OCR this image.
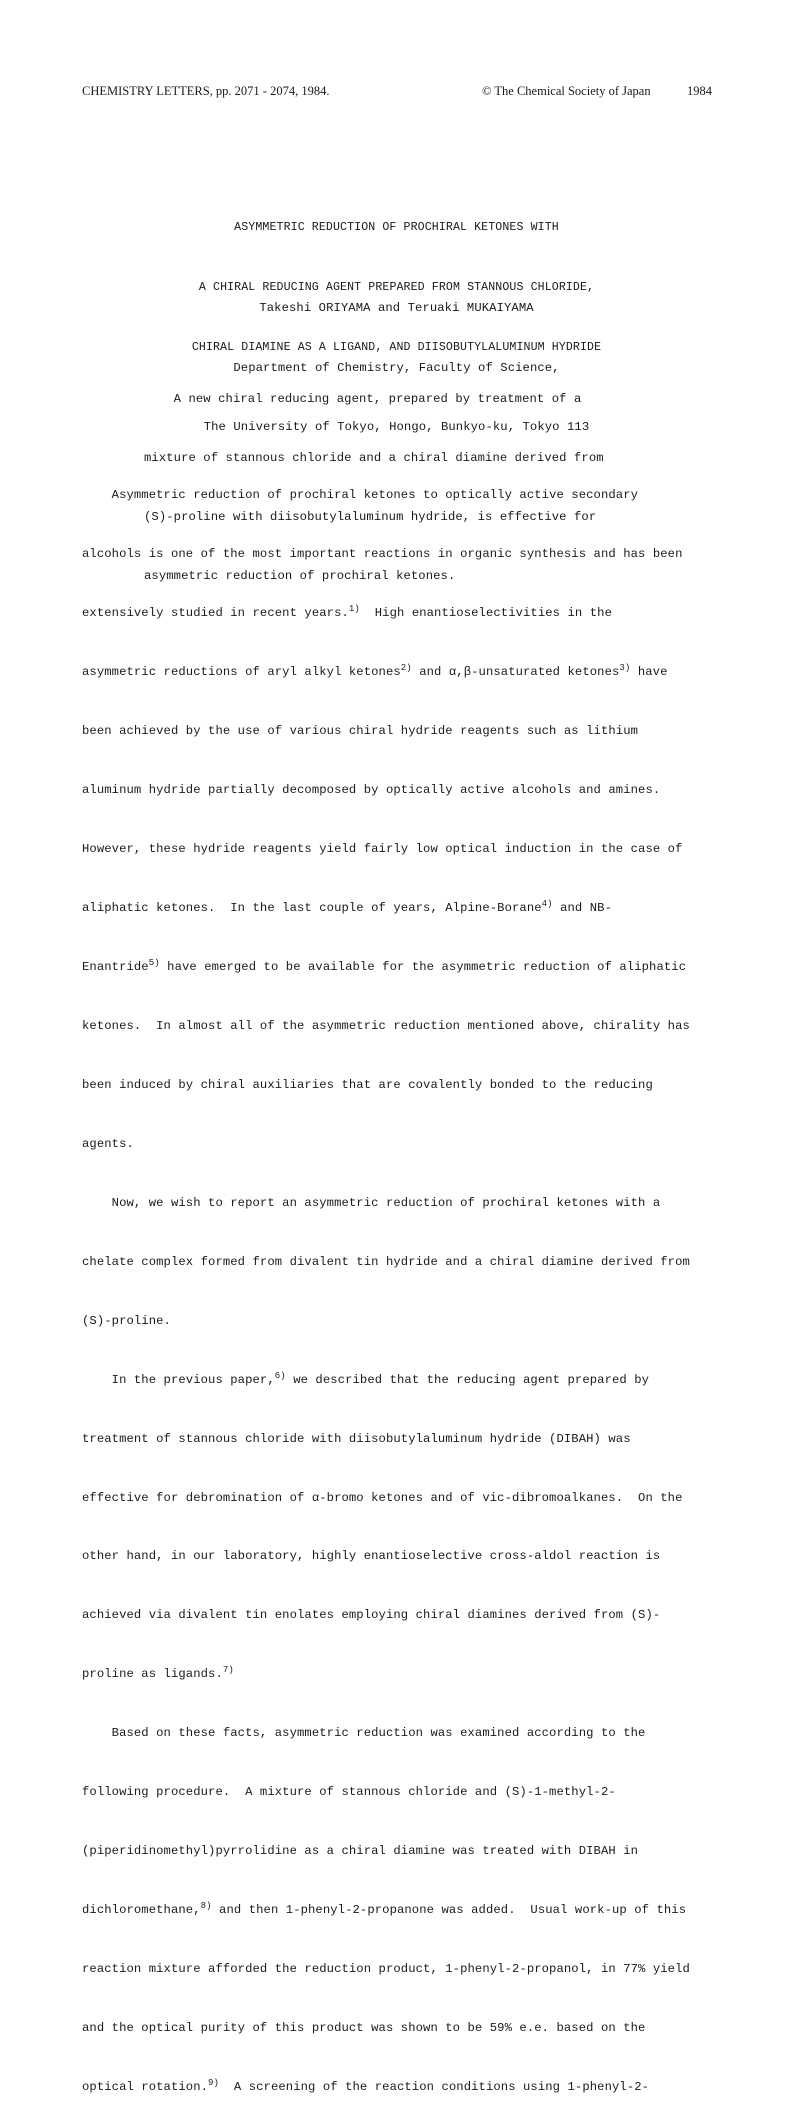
CHEMISTRY LETTERS, pp. 2071 - 2074, 1984.	© The Chemical Society of Japan	1984

ASYMMETRIC REDUCTION OF PROCHIRAL KETONES WITH

A CHIRAL REDUCING AGENT PREPARED FROM STANNOUS CHLORIDE,

CHIRAL DIAMINE AS A LIGAND, AND DIISOBUTYLALUMINUM HYDRIDE

Takeshi ORIYAMA and Teruaki MUKAIYAMA

Department of Chemistry, Faculty of Science,

The University of Tokyo, Hongo, Bunkyo-ku, Tokyo 113

A new chiral reducing agent, prepared by treatment of a

mixture of stannous chloride and a chiral diamine derived from

(S)-proline with diisobutylaluminum hydride, is effective for

asymmetric reduction of prochiral ketones.

Asymmetric reduction of prochiral ketones to optically active secondary

alcohols is one of the most important reactions in organic synthesis and has been

extensively studied in recent years.$^{1)}$  High enantioselectivities in the

asymmetric reductions of aryl alkyl ketones$^{2)}$ and α,β-unsaturated ketones$^{3)}$ have

been achieved by the use of various chiral hydride reagents such as lithium

aluminum hydride partially decomposed by optically active alcohols and amines.

However, these hydride reagents yield fairly low optical induction in the case of

aliphatic ketones.  In the last couple of years, Alpine-Borane$^{4)}$ and NB-

Enantride$^{5)}$ have emerged to be available for the asymmetric reduction of aliphatic

ketones.  In almost all of the asymmetric reduction mentioned above, chirality has

been induced by chiral auxiliaries that are covalently bonded to the reducing

agents.

Now, we wish to report an asymmetric reduction of prochiral ketones with a

chelate complex formed from divalent tin hydride and a chiral diamine derived from

(S)-proline.

In the previous paper,$^{6)}$ we described that the reducing agent prepared by

treatment of stannous chloride with diisobutylaluminum hydride (DIBAH) was

effective for debromination of α-bromo ketones and of vic-dibromoalkanes.  On the

other hand, in our laboratory, highly enantioselective cross-aldol reaction is

achieved via divalent tin enolates employing chiral diamines derived from (S)-

proline as ligands.$^{7)}$

Based on these facts, asymmetric reduction was examined according to the

following procedure.  A mixture of stannous chloride and (S)-1-methyl-2-

(piperidinomethyl)pyrrolidine as a chiral diamine was treated with DIBAH in

dichloromethane,$^{8)}$ and then 1-phenyl-2-propanone was added.  Usual work-up of this

reaction mixture afforded the reduction product, 1-phenyl-2-propanol, in 77% yield

and the optical purity of this product was shown to be 59% e.e. based on the

optical rotation.$^{9)}$  A screening of the reaction conditions using 1-phenyl-2-
